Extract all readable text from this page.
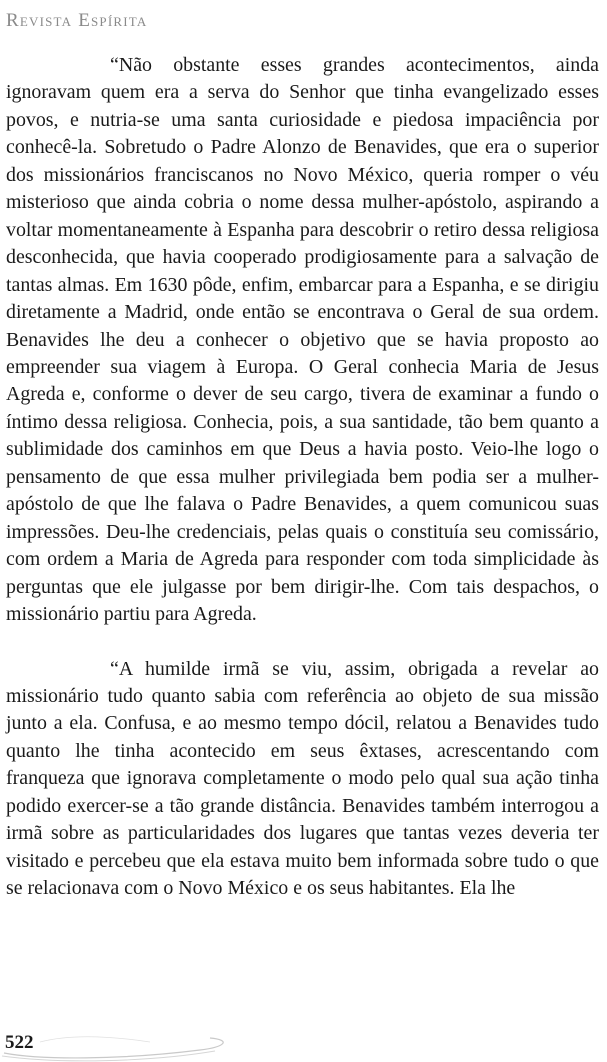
Revista Espírita

“Não obstante esses grandes acontecimentos, ainda ignoravam quem era a serva do Senhor que tinha evangelizado esses povos, e nutria-se uma santa curiosidade e piedosa impaciência por conhecê-la. Sobretudo o Padre Alonzo de Benavides, que era o superior dos missionários franciscanos no Novo México, queria romper o véu misterioso que ainda cobria o nome dessa mulher-apóstolo, aspirando a voltar momentaneamente à Espanha para descobrir o retiro dessa religiosa desconhecida, que havia cooperado prodigiosamente para a salvação de tantas almas. Em 1630 pôde, enfim, embarcar para a Espanha, e se dirigiu diretamente a Madrid, onde então se encontrava o Geral de sua ordem. Benavides lhe deu a conhecer o objetivo que se havia proposto ao empreender sua viagem à Europa. O Geral conhecia Maria de Jesus Agreda e, conforme o dever de seu cargo, tivera de examinar a fundo o íntimo dessa religiosa. Conhecia, pois, a sua santidade, tão bem quanto a sublimidade dos caminhos em que Deus a havia posto. Veio-lhe logo o pensamento de que essa mulher privilegiada bem podia ser a mulher-apóstolo de que lhe falava o Padre Benavides, a quem comunicou suas impressões. Deu-lhe credenciais, pelas quais o constituía seu comissário, com ordem a Maria de Agreda para responder com toda simplicidade às perguntas que ele julgasse por bem dirigir-lhe. Com tais despachos, o missionário partiu para Agreda.

“A humilde irmã se viu, assim, obrigada a revelar ao missionário tudo quanto sabia com referência ao objeto de sua missão junto a ela. Confusa, e ao mesmo tempo dócil, relatou a Benavides tudo quanto lhe tinha acontecido em seus êxtases, acrescentando com franqueza que ignorava completamente o modo pelo qual sua ação tinha podido exercer-se a tão grande distância. Benavides também interrogou a irmã sobre as particularidades dos lugares que tantas vezes deveria ter visitado e percebeu que ela estava muito bem informada sobre tudo o que se relacionava com o Novo México e os seus habitantes. Ela lhe

522
